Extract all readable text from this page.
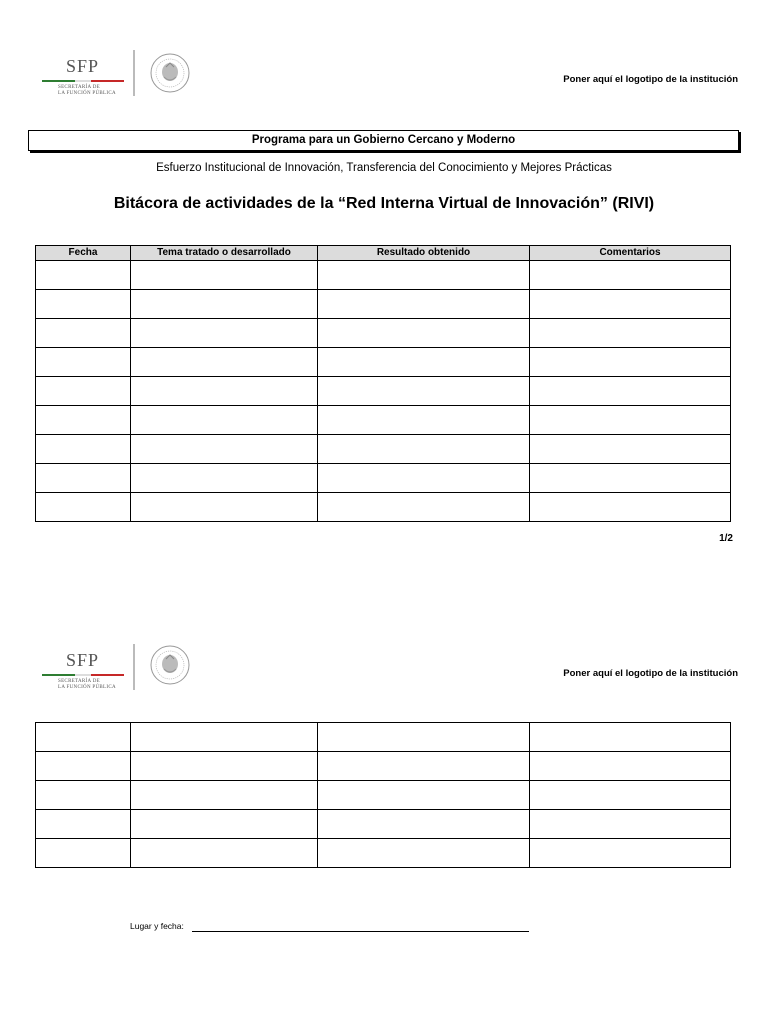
SFP
SECRETARÍA DE
LA FUNCIÓN PÚBLICA
Poner aquí el logotipo de la institución
Programa para un Gobierno Cercano y Moderno
Esfuerzo Institucional de Innovación, Transferencia del Conocimiento y Mejores Prácticas
Bitácora de actividades de la “Red Interna Virtual de Innovación” (RIVI)
Fecha	Tema tratado o desarrollado	Resultado obtenido	Comentarios

1/2
SFP
SECRETARÍA DE
LA FUNCIÓN PÚBLICA
Poner aquí el logotipo de la institución

Lugar y fecha:
